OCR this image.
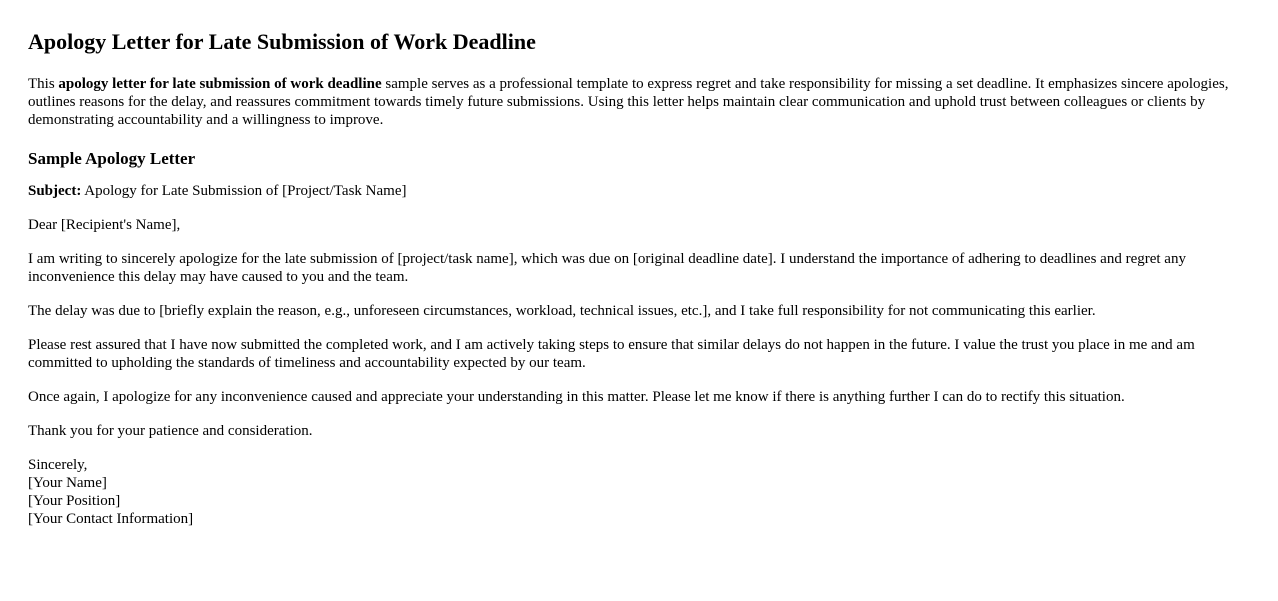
Apology Letter for Late Submission of Work Deadline

This apology letter for late submission of work deadline sample serves as a professional template to express regret and take responsibility for missing a set deadline. It emphasizes sincere apologies, outlines reasons for the delay, and reassures commitment towards timely future submissions. Using this letter helps maintain clear communication and uphold trust between colleagues or clients by demonstrating accountability and a willingness to improve.

Sample Apology Letter

Subject: Apology for Late Submission of [Project/Task Name]

Dear [Recipient's Name],

I am writing to sincerely apologize for the late submission of [project/task name], which was due on [original deadline date]. I understand the importance of adhering to deadlines and regret any inconvenience this delay may have caused to you and the team.

The delay was due to [briefly explain the reason, e.g., unforeseen circumstances, workload, technical issues, etc.], and I take full responsibility for not communicating this earlier.

Please rest assured that I have now submitted the completed work, and I am actively taking steps to ensure that similar delays do not happen in the future. I value the trust you place in me and am committed to upholding the standards of timeliness and accountability expected by our team.

Once again, I apologize for any inconvenience caused and appreciate your understanding in this matter. Please let me know if there is anything further I can do to rectify this situation.

Thank you for your patience and consideration.

Sincerely,
[Your Name]
[Your Position]
[Your Contact Information]
